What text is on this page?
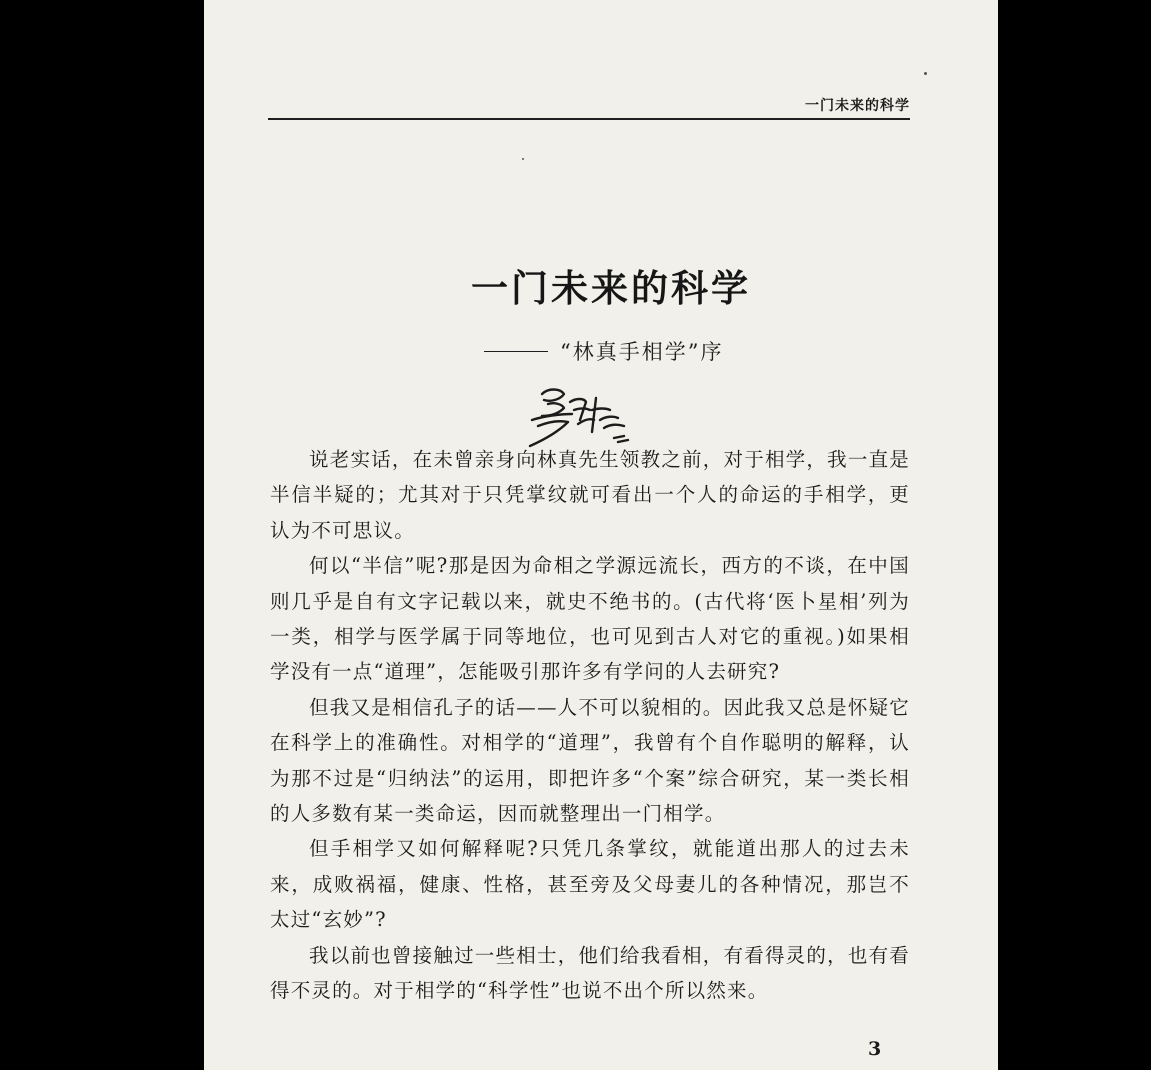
一门未来的科学
一门未来的科学
“林真手相学”序

说老实话，在未曾亲身向林真先生领教之前，对于相学，我一直是半信半疑的；尤其对于只凭掌纹就可看出一个人的命运的手相学，更认为不可思议。

何以“半信”呢?那是因为命相之学源远流长，西方的不谈，在中国则几乎是自有文字记载以来，就史不绝书的。(古代将‘医卜星相’列为一类，相学与医学属于同等地位，也可见到古人对它的重视。)如果相学没有一点“道理”，怎能吸引那许多有学问的人去研究?

但我又是相信孔子的话——人不可以貌相的。因此我又总是怀疑它在科学上的准确性。对相学的“道理”，我曾有个自作聪明的解释，认为那不过是“归纳法”的运用，即把许多“个案”综合研究，某一类长相的人多数有某一类命运，因而就整理出一门相学。

但手相学又如何解释呢?只凭几条掌纹，就能道出那人的过去未来，成败祸福，健康、性格，甚至旁及父母妻儿的各种情况，那岂不太过“玄妙”?

我以前也曾接触过一些相士，他们给我看相，有看得灵的，也有看得不灵的。对于相学的“科学性”也说不出个所以然来。

3
